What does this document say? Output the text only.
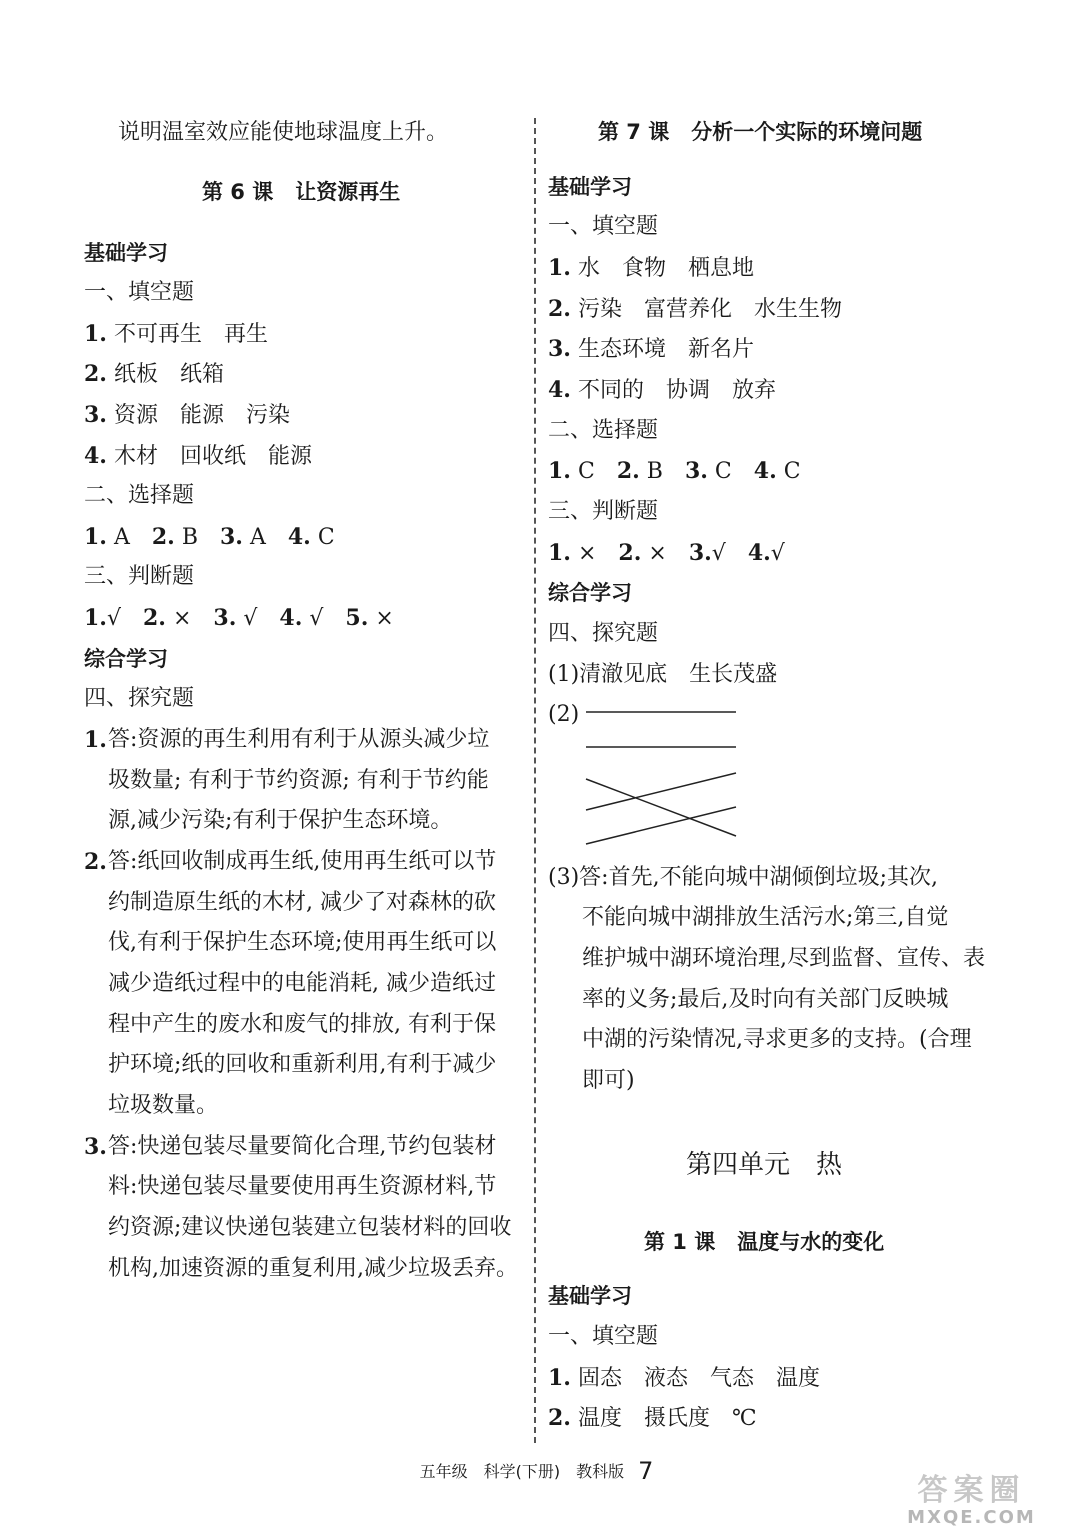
说明温室效应能使地球温度上升。
第 6 课 让资源再生
基础学习
一、填空题
1. 不可再生 再生
2. 纸板 纸箱
3. 资源 能源 污染
4. 木材 回收纸 能源
二、选择题
1. A 2. B 3. A 4. C
三、判断题
1.√ 2. × 3. √ 4. √ 5. ×
综合学习
四、探究题
1. 答:资源的再生利用有利于从源头减少垃
圾数量; 有利于节约资源; 有利于节约能
源,减少污染;有利于保护生态环境。
2. 答:纸回收制成再生纸,使用再生纸可以节
约制造原生纸的木材, 减少了对森林的砍
伐,有利于保护生态环境;使用再生纸可以
减少造纸过程中的电能消耗, 减少造纸过
程中产生的废水和废气的排放, 有利于保
护环境;纸的回收和重新利用,有利于减少
垃圾数量。
3. 答:快递包装尽量要简化合理,节约包装材
料:快递包装尽量要使用再生资源材料,节
约资源;建议快递包装建立包装材料的回收
机构,加速资源的重复利用,减少垃圾丢弃。
第 7 课 分析一个实际的环境问题
基础学习
一、填空题
1. 水 食物 栖息地
2. 污染 富营养化 水生生物
3. 生态环境 新名片
4. 不同的 协调 放弃
二、选择题
1. C 2. B 3. C 4. C
三、判断题
1. × 2. × 3.√ 4.√
综合学习
四、探究题
(1)清澈见底　生长茂盛
(2)
(3)答:首先,不能向城中湖倾倒垃圾;其次,
不能向城中湖排放生活污水;第三,自觉
维护城中湖环境治理,尽到监督、宣传、表
率的义务;最后,及时向有关部门反映城
中湖的污染情况,寻求更多的支持。(合理
即可)
第四单元　热
第 1 课 温度与水的变化
基础学习
一、填空题
1. 固态 液态 气态 温度
2. 温度 摄氏度 ℃
五年级 科学(下册) 教科版 7
答案圈
MXQE.COM
